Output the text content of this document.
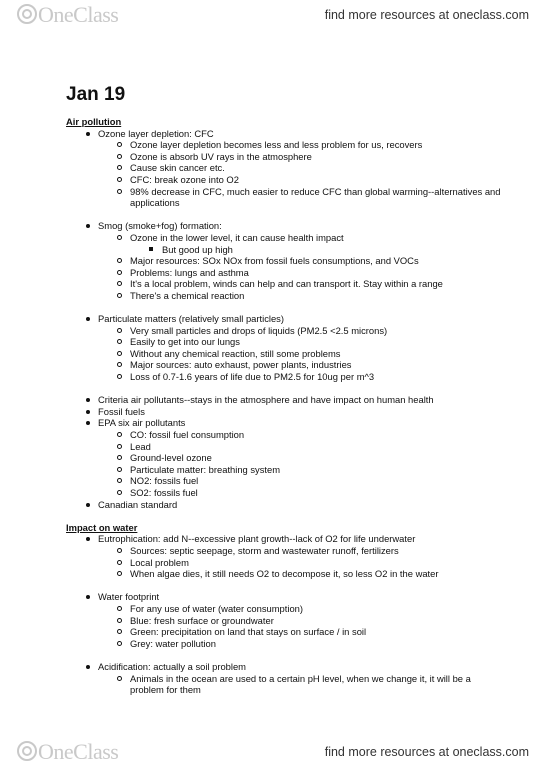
OneClass	find more resources at oneclass.com
Jan 19
Air pollution
Ozone layer depletion: CFC
Ozone layer depletion becomes less and less problem for us, recovers
Ozone is absorb UV rays in the atmosphere
Cause skin cancer etc.
CFC: break ozone into O2
98% decrease in CFC, much easier to reduce CFC than global warming--alternatives and applications
Smog (smoke+fog) formation:
Ozone in the lower level, it can cause health impact
But good up high
Major resources: SOx NOx from fossil fuels consumptions, and VOCs
Problems: lungs and asthma
It's a local problem, winds can help and can transport it. Stay within a range
There's a chemical reaction
Particulate matters (relatively small particles)
Very small particles and drops of liquids (PM2.5 <2.5 microns)
Easily to get into our lungs
Without any chemical reaction, still some problems
Major sources: auto exhaust, power plants, industries
Loss of 0.7-1.6 years of life due to PM2.5 for 10ug per m^3
Criteria air pollutants--stays in the atmosphere and have impact on human health
Fossil fuels
EPA six air pollutants
CO: fossil fuel consumption
Lead
Ground-level ozone
Particulate matter: breathing system
NO2: fossils fuel
SO2: fossils fuel
Canadian standard
Impact on water
Eutrophication: add N--excessive plant growth--lack of O2 for life underwater
Sources: septic seepage, storm and wastewater runoff, fertilizers
Local problem
When algae dies, it still needs O2 to decompose it, so less O2 in the water
Water footprint
For any use of water (water consumption)
Blue: fresh surface or groundwater
Green: precipitation on land that stays on surface / in soil
Grey: water pollution
Acidification: actually a soil problem
Animals in the ocean are used to a certain pH level, when we change it, it will be a problem for them
OneClass	find more resources at oneclass.com
